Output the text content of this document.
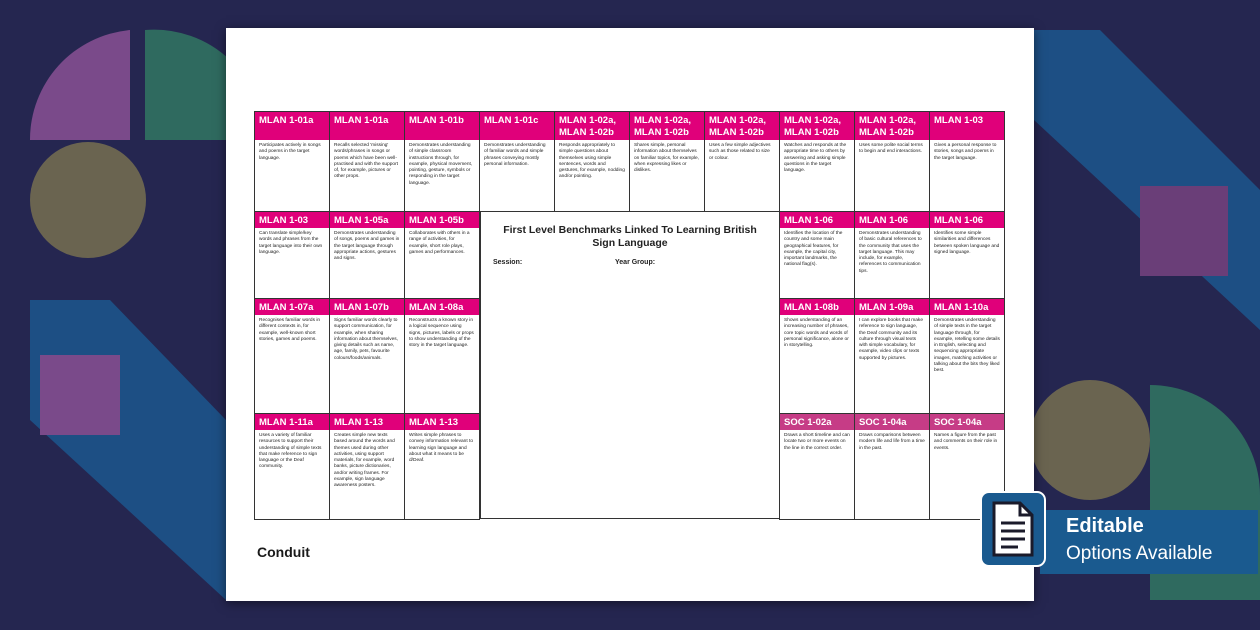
MLAN 1-01a
Participates actively in songs and poems in the target language.
MLAN 1-01a
Recalls selected 'missing' words/phrases in songs or poems which have been well-practised and with the support of, for example, pictures or other props.
MLAN 1-01b
Demonstrates understanding of simple classroom instructions through, for example, physical movement, pointing, gesture, symbols or responding in the target language.
MLAN 1-01c
Demonstrates understanding of familiar words and simple phrases conveying mostly personal information.
MLAN 1-02a,
MLAN 1-02b
Responds appropriately to simple questions about themselves using simple sentences, words and gestures, for example, nodding and/or pointing.
MLAN 1-02a,
MLAN 1-02b
Shares simple, personal information about themselves on familiar topics, for example, when expressing likes or dislikes.
MLAN 1-02a,
MLAN 1-02b
Uses a few simple adjectives such as those related to size or colour.
MLAN 1-02a,
MLAN 1-02b
Watches and responds at the appropriate time to others by answering and asking simple questions in the target language.
MLAN 1-02a,
MLAN 1-02b
Uses some polite social terms to begin and end interactions.
MLAN 1-03
Gives a personal response to stories, songs and poems in the target language.
MLAN 1-03
Can translate simple/key words and phrases from the target language into their own language.
MLAN 1-05a
Demonstrates understanding of songs, poems and games in the target language through appropriate actions, gestures and signs.
MLAN 1-05b
Collaborates with others in a range of activities, for example, short role plays, games and performances.
MLAN 1-06
Identifies the location of the country and some main geographical features, for example, the capital city, important landmarks, the national flag(s).
MLAN 1-06
Demonstrates understanding of basic cultural references to the community that uses the target language. This may include, for example, references to communication tips.
MLAN 1-06
Identifies some simple similarities and differences between spoken language and signed language.
MLAN 1-07a
Recognises familiar words in different contexts in, for example, well-known short stories, games and poems.
MLAN 1-07b
Signs familiar words clearly to support communication, for example, when sharing information about themselves, giving details such as name, age, family, pets, favourite colours/foods/animals.
MLAN 1-08a
Reconstructs a known story in a logical sequence using signs, pictures, labels or props to show understanding of the story in the target language.
MLAN 1-08b
Shows understanding of an increasing number of phrases, core topic words and words of personal significance, alone or in storytelling.
MLAN 1-09a
I can explore books that make reference to sign language, the Deaf community and its culture through visual texts with simple vocabulary, for example, video clips or texts supported by pictures.
MLAN 1-10a
Demonstrates understanding of simple texts in the target language through, for example, retelling some details in English, selecting and sequencing appropriate images, matching activities or talking about the bits they liked best.
MLAN 1-11a
Uses a variety of familiar resources to support their understanding of simple texts that make reference to sign language or the Deaf community.
MLAN 1-13
Creates simple new texts based around the words and themes used during other activities, using support materials, for example, word banks, picture dictionaries, and/or writing frames. For example, sign language awareness posters.
MLAN 1-13
Writes simple phrases to convey information relevant to learning sign language and about what it means to be d/Deaf.
SOC 1-02a
Draws a short timeline and can locate two or more events on the line in the correct order.
SOC 1-04a
Draws comparisons between modern life and life from a time in the past.
SOC 1-04a
Names a figure from the past and comments on their role in events.
First Level Benchmarks Linked To Learning British Sign Language
Session:	Year Group:
Conduit
Editable
Options Available
